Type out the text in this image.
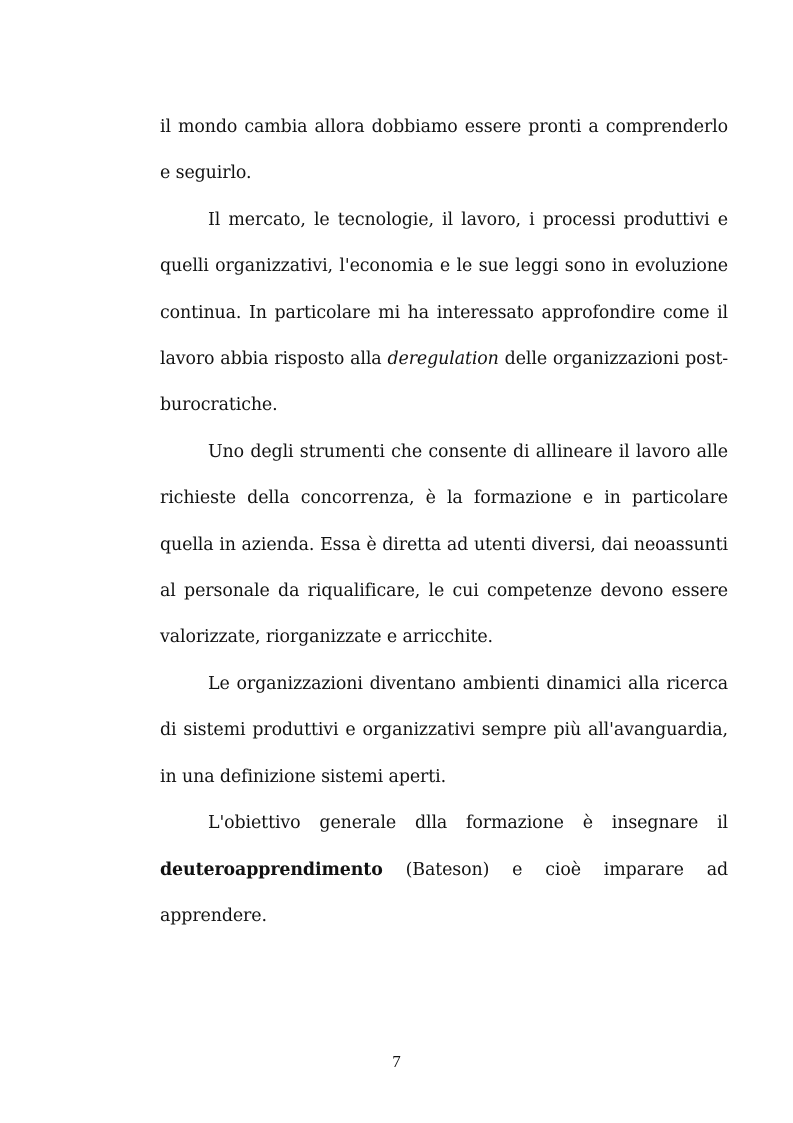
il mondo cambia allora dobbiamo essere pronti a comprenderlo e seguirlo.

Il mercato, le tecnologie, il lavoro, i processi produttivi e quelli organizzativi, l'economia e le sue leggi sono in evoluzione continua. In particolare mi ha interessato approfondire come il lavoro abbia risposto alla deregulation delle organizzazioni post-burocratiche.

Uno degli strumenti che consente di allineare il lavoro alle richieste della concorrenza, è la formazione e in particolare quella in azienda. Essa è diretta ad utenti diversi, dai neoassunti al personale da riqualificare, le cui competenze devono essere valorizzate, riorganizzate e arricchite.

Le organizzazioni diventano ambienti dinamici alla ricerca di sistemi produttivi e organizzativi sempre più all'avanguardia, in una definizione sistemi aperti.

L'obiettivo generale dlla formazione è insegnare il deuteroapprendimento (Bateson) e cioè imparare ad apprendere.

7
